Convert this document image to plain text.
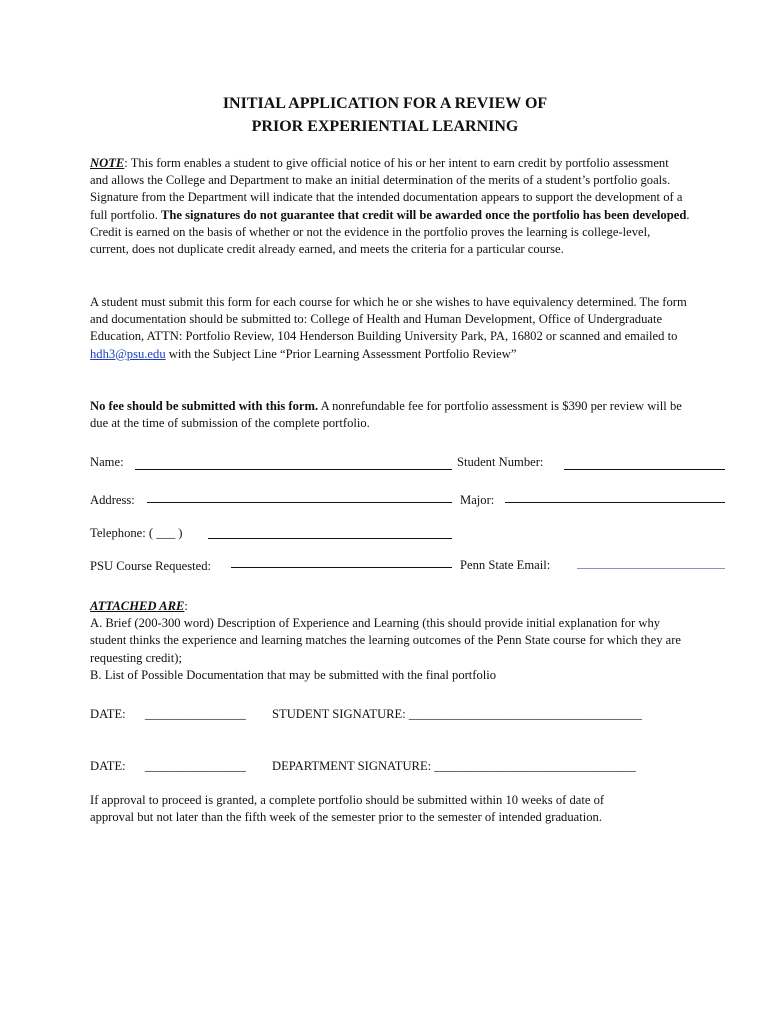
INITIAL APPLICATION FOR A REVIEW OF
PRIOR EXPERIENTIAL LEARNING
NOTE: This form enables a student to give official notice of his or her intent to earn credit by portfolio assessment and allows the College and Department to make an initial determination of the merits of a student’s portfolio goals. Signature from the Department will indicate that the intended documentation appears to support the development of a full portfolio. The signatures do not guarantee that credit will be awarded once the portfolio has been developed. Credit is earned on the basis of whether or not the evidence in the portfolio proves the learning is college-level, current, does not duplicate credit already earned, and meets the criteria for a particular course.
A student must submit this form for each course for which he or she wishes to have equivalency determined. The form and documentation should be submitted to: College of Health and Human Development, Office of Undergraduate Education, ATTN: Portfolio Review, 104 Henderson Building University Park, PA, 16802 or scanned and emailed to hdh3@psu.edu with the Subject Line “Prior Learning Assessment Portfolio Review”
No fee should be submitted with this form. A nonrefundable fee for portfolio assessment is $390 per review will be due at the time of submission of the complete portfolio.
Name:	Student Number:
Address:	Major:
Telephone: ( ___ )
PSU Course Requested:	Penn State Email:
ATTACHED ARE:
A. Brief (200-300 word) Description of Experience and Learning (this should provide initial explanation for why student thinks the experience and learning matches the learning outcomes of the Penn State course for which they are requesting credit);
B. List of Possible Documentation that may be submitted with the final portfolio
DATE: ________________ STUDENT SIGNATURE: _____________________________________
DATE: ________________ DEPARTMENT SIGNATURE: ________________________________
If approval to proceed is granted, a complete portfolio should be submitted within 10 weeks of date of approval but not later than the fifth week of the semester prior to the semester of intended graduation.
